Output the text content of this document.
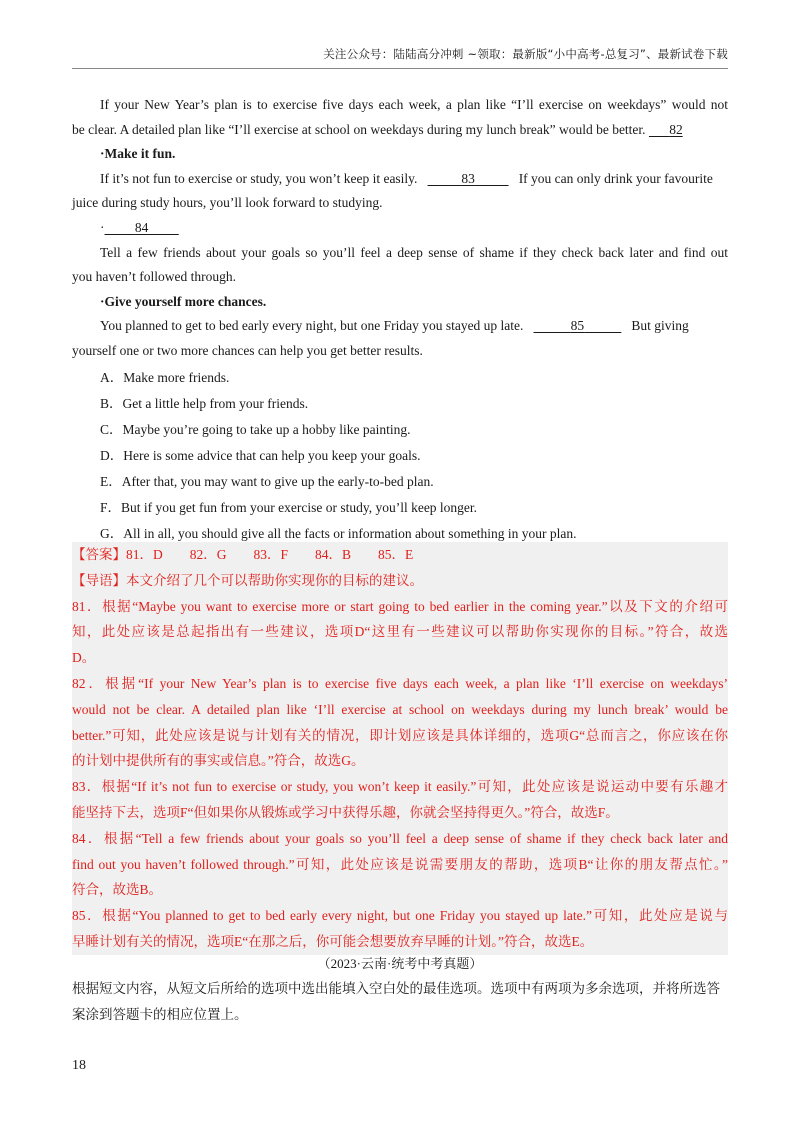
关注公众号：陆陆高分冲刺 ~领取：最新版“小中高考-总复习”、最新试卷下载
If your New Year’s plan is to exercise five days each week, a plan like “I’ll exercise on weekdays” would not
be clear. A detailed plan like “I’ll exercise at school on weekdays during my lunch break” would be better. 82
·Make it fun.
If it’s not fun to exercise or study, you won’t keep it easily.	83	If you can only drink your favourite
juice during study hours, you’ll look forward to studying.
· 84
Tell a few friends about your goals so you’ll feel a deep sense of shame if they check back later and find out
you haven’t followed through.
·Give yourself more chances.
You planned to get to bed early every night, but one Friday you stayed up late.	85	But giving
yourself one or two more chances can help you get better results.
A．Make more friends.
B．Get a little help from your friends.
C．Maybe you’re going to take up a hobby like painting.
D．Here is some advice that can help you keep your goals.
E．After that, you may want to give up the early-to-bed plan.
F．But if you get fun from your exercise or study, you’ll keep longer.
G．All in all, you should give all the facts or information about something in your plan.
【答案】81．D　　82．G　　83．F　　84．B　　85．E
【导语】本文介绍了几个可以帮助你实现你的目标的建议。
81．根据“Maybe you want to exercise more or start going to bed earlier in the coming year.”以及下文的介绍可
知，此处应该是总起指出有一些建议，选项D“这里有一些建议可以帮助你实现你的目标。”符合，故选
D。
82．根据“If your New Year’s plan is to exercise five days each week, a plan like ‘I’ll exercise on weekdays’
would not be clear. A detailed plan like ‘I’ll exercise at school on weekdays during my lunch break’ would be
better.”可知，此处应该是说与计划有关的情况，即计划应该是具体详细的，选项G“总而言之，你应该在你
的计划中提供所有的事实或信息。”符合，故选G。
83．根据“If it’s not fun to exercise or study, you won’t keep it easily.”可知，此处应该是说运动中要有乐趣才
能坚持下去，选项F“但如果你从锻炼或学习中获得乐趣，你就会坚持得更久。”符合，故选F。
84．根据“Tell a few friends about your goals so you’ll feel a deep sense of shame if they check back later and
find out you haven’t followed through.”可知，此处应该是说需要朋友的帮助，选项B“让你的朋友帮点忙。”
符合，故选B。
85．根据“You planned to get to bed early every night, but one Friday you stayed up late.”可知，此处应是说与
早睡计划有关的情况，选项E“在那之后，你可能会想要放弃早睡的计划。”符合，故选E。
（2023·云南·统考中考真题）
根据短文内容，从短文后所给的选项中选出能填入空白处的最佳选项。选项中有两项为多余选项，并将所选答案涂到答题卡的相应位置上。
18
